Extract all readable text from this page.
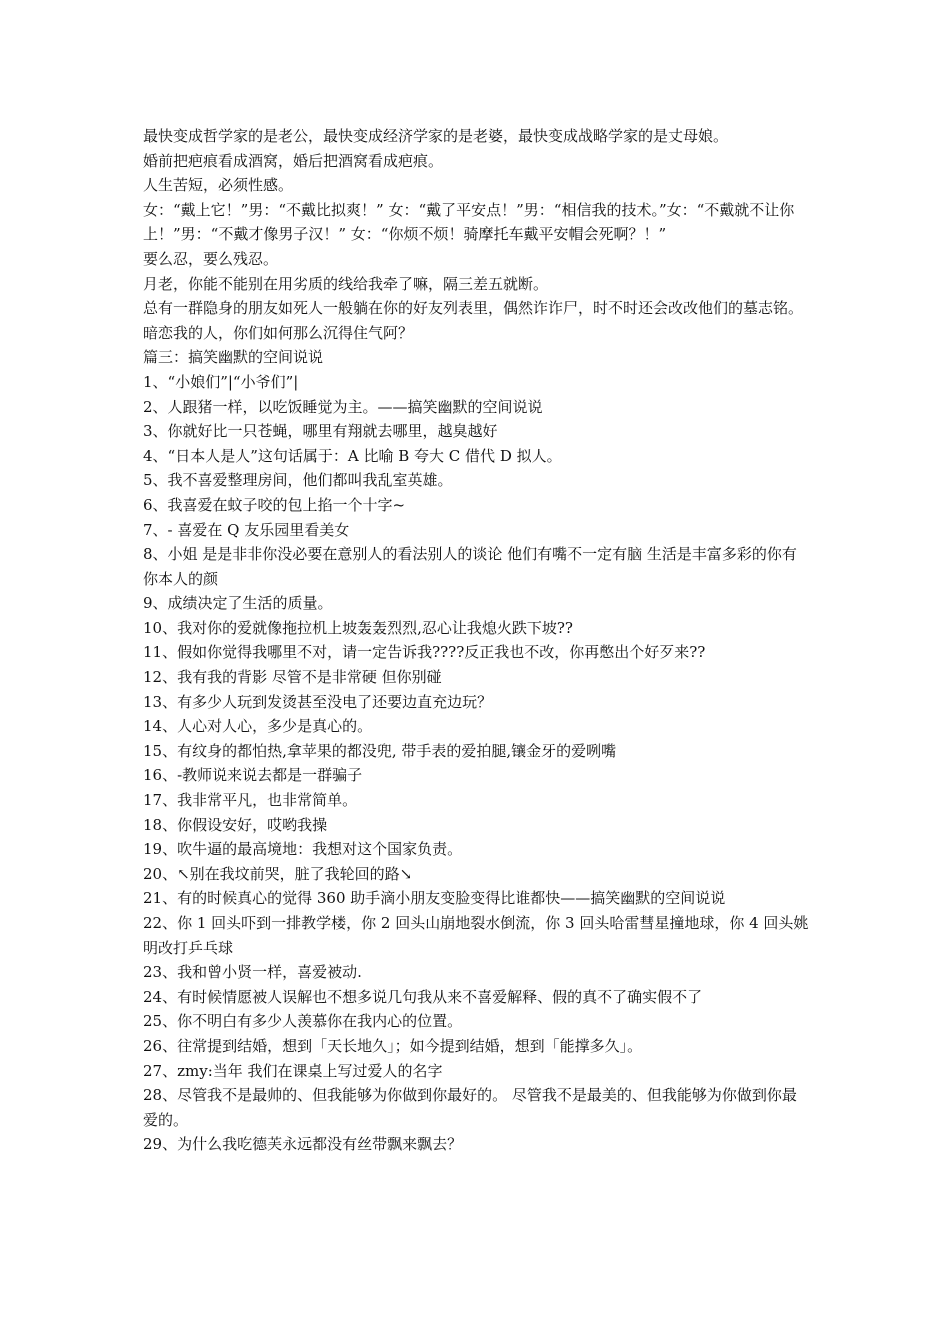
最快变成哲学家的是老公，最快变成经济学家的是老婆，最快变成战略学家的是丈母娘。

婚前把疤痕看成酒窝，婚后把酒窝看成疤痕。

人生苦短，必须性感。

女：“戴上它！”男：“不戴比拟爽！” 女：“戴了平安点！”男：“相信我的技术。”女：“不戴就不让你上！”男：“不戴才像男子汉！” 女：“你烦不烦！骑摩托车戴平安帽会死啊？！”

要么忍，要么残忍。

月老，你能不能别在用劣质的线给我牵了嘛，隔三差五就断。

总有一群隐身的朋友如死人一般躺在你的好友列表里，偶然诈诈尸，时不时还会改改他们的墓志铭。

暗恋我的人，你们如何那么沉得住气阿？

篇三：搞笑幽默的空间说说

1、“小娘们”|“小爷们”|

2、人跟猪一样，以吃饭睡觉为主。——搞笑幽默的空间说说

3、你就好比一只苍蝇，哪里有翔就去哪里，越臭越好

4、“日本人是人”这句话属于：A 比喻 B 夸大 C 借代 D 拟人。

5、我不喜爱整理房间，他们都叫我乱室英雄。

6、我喜爱在蚊子咬的包上掐一个十字~

7、- 喜爱在 Q 友乐园里看美女

8、小姐 是是非非你没必要在意别人的看法别人的谈论 他们有嘴不一定有脑 生活是丰富多彩的你有你本人的颜

9、成绩决定了生活的质量。

10、我对你的爱就像拖拉机上坡轰轰烈烈,忍心让我熄火跌下坡??

11、假如你觉得我哪里不对，请一定告诉我????反正我也不改，你再憋出个好歹来??

12、我有我的背影 尽管不是非常硬 但你别碰

13、有多少人玩到发烫甚至没电了还要边直充边玩？

14、人心对人心，多少是真心的。

15、有纹身的都怕热,拿苹果的都没兜, 带手表的爱拍腿,镶金牙的爱咧嘴

16、-教师说来说去都是一群骗子

17、我非常平凡，也非常简单。

18、你假设安好，哎哟我操

19、吹牛逼的最高境地：我想对这个国家负责。

20、↖别在我坟前哭，脏了我轮回的路↘

21、有的时候真心的觉得 360 助手滴小朋友变脸变得比谁都快——搞笑幽默的空间说说

22、你 1 回头吓到一排教学楼，你 2 回头山崩地裂水倒流，你 3 回头哈雷彗星撞地球，你 4 回头姚明改打乒乓球

23、我和曾小贤一样，喜爱被动.

24、有时候情愿被人误解也不想多说几句我从来不喜爱解释、假的真不了确实假不了

25、你不明白有多少人羡慕你在我内心的位置。

26、往常提到结婚，想到「天长地久」；如今提到结婚，想到「能撑多久」。

27、zmy:当年 我们在课桌上写过爱人的名字

28、尽管我不是最帅的、但我能够为你做到你最好的。 尽管我不是最美的、但我能够为你做到你最爱的。

29、为什么我吃德芙永远都没有丝带飘来飘去？
